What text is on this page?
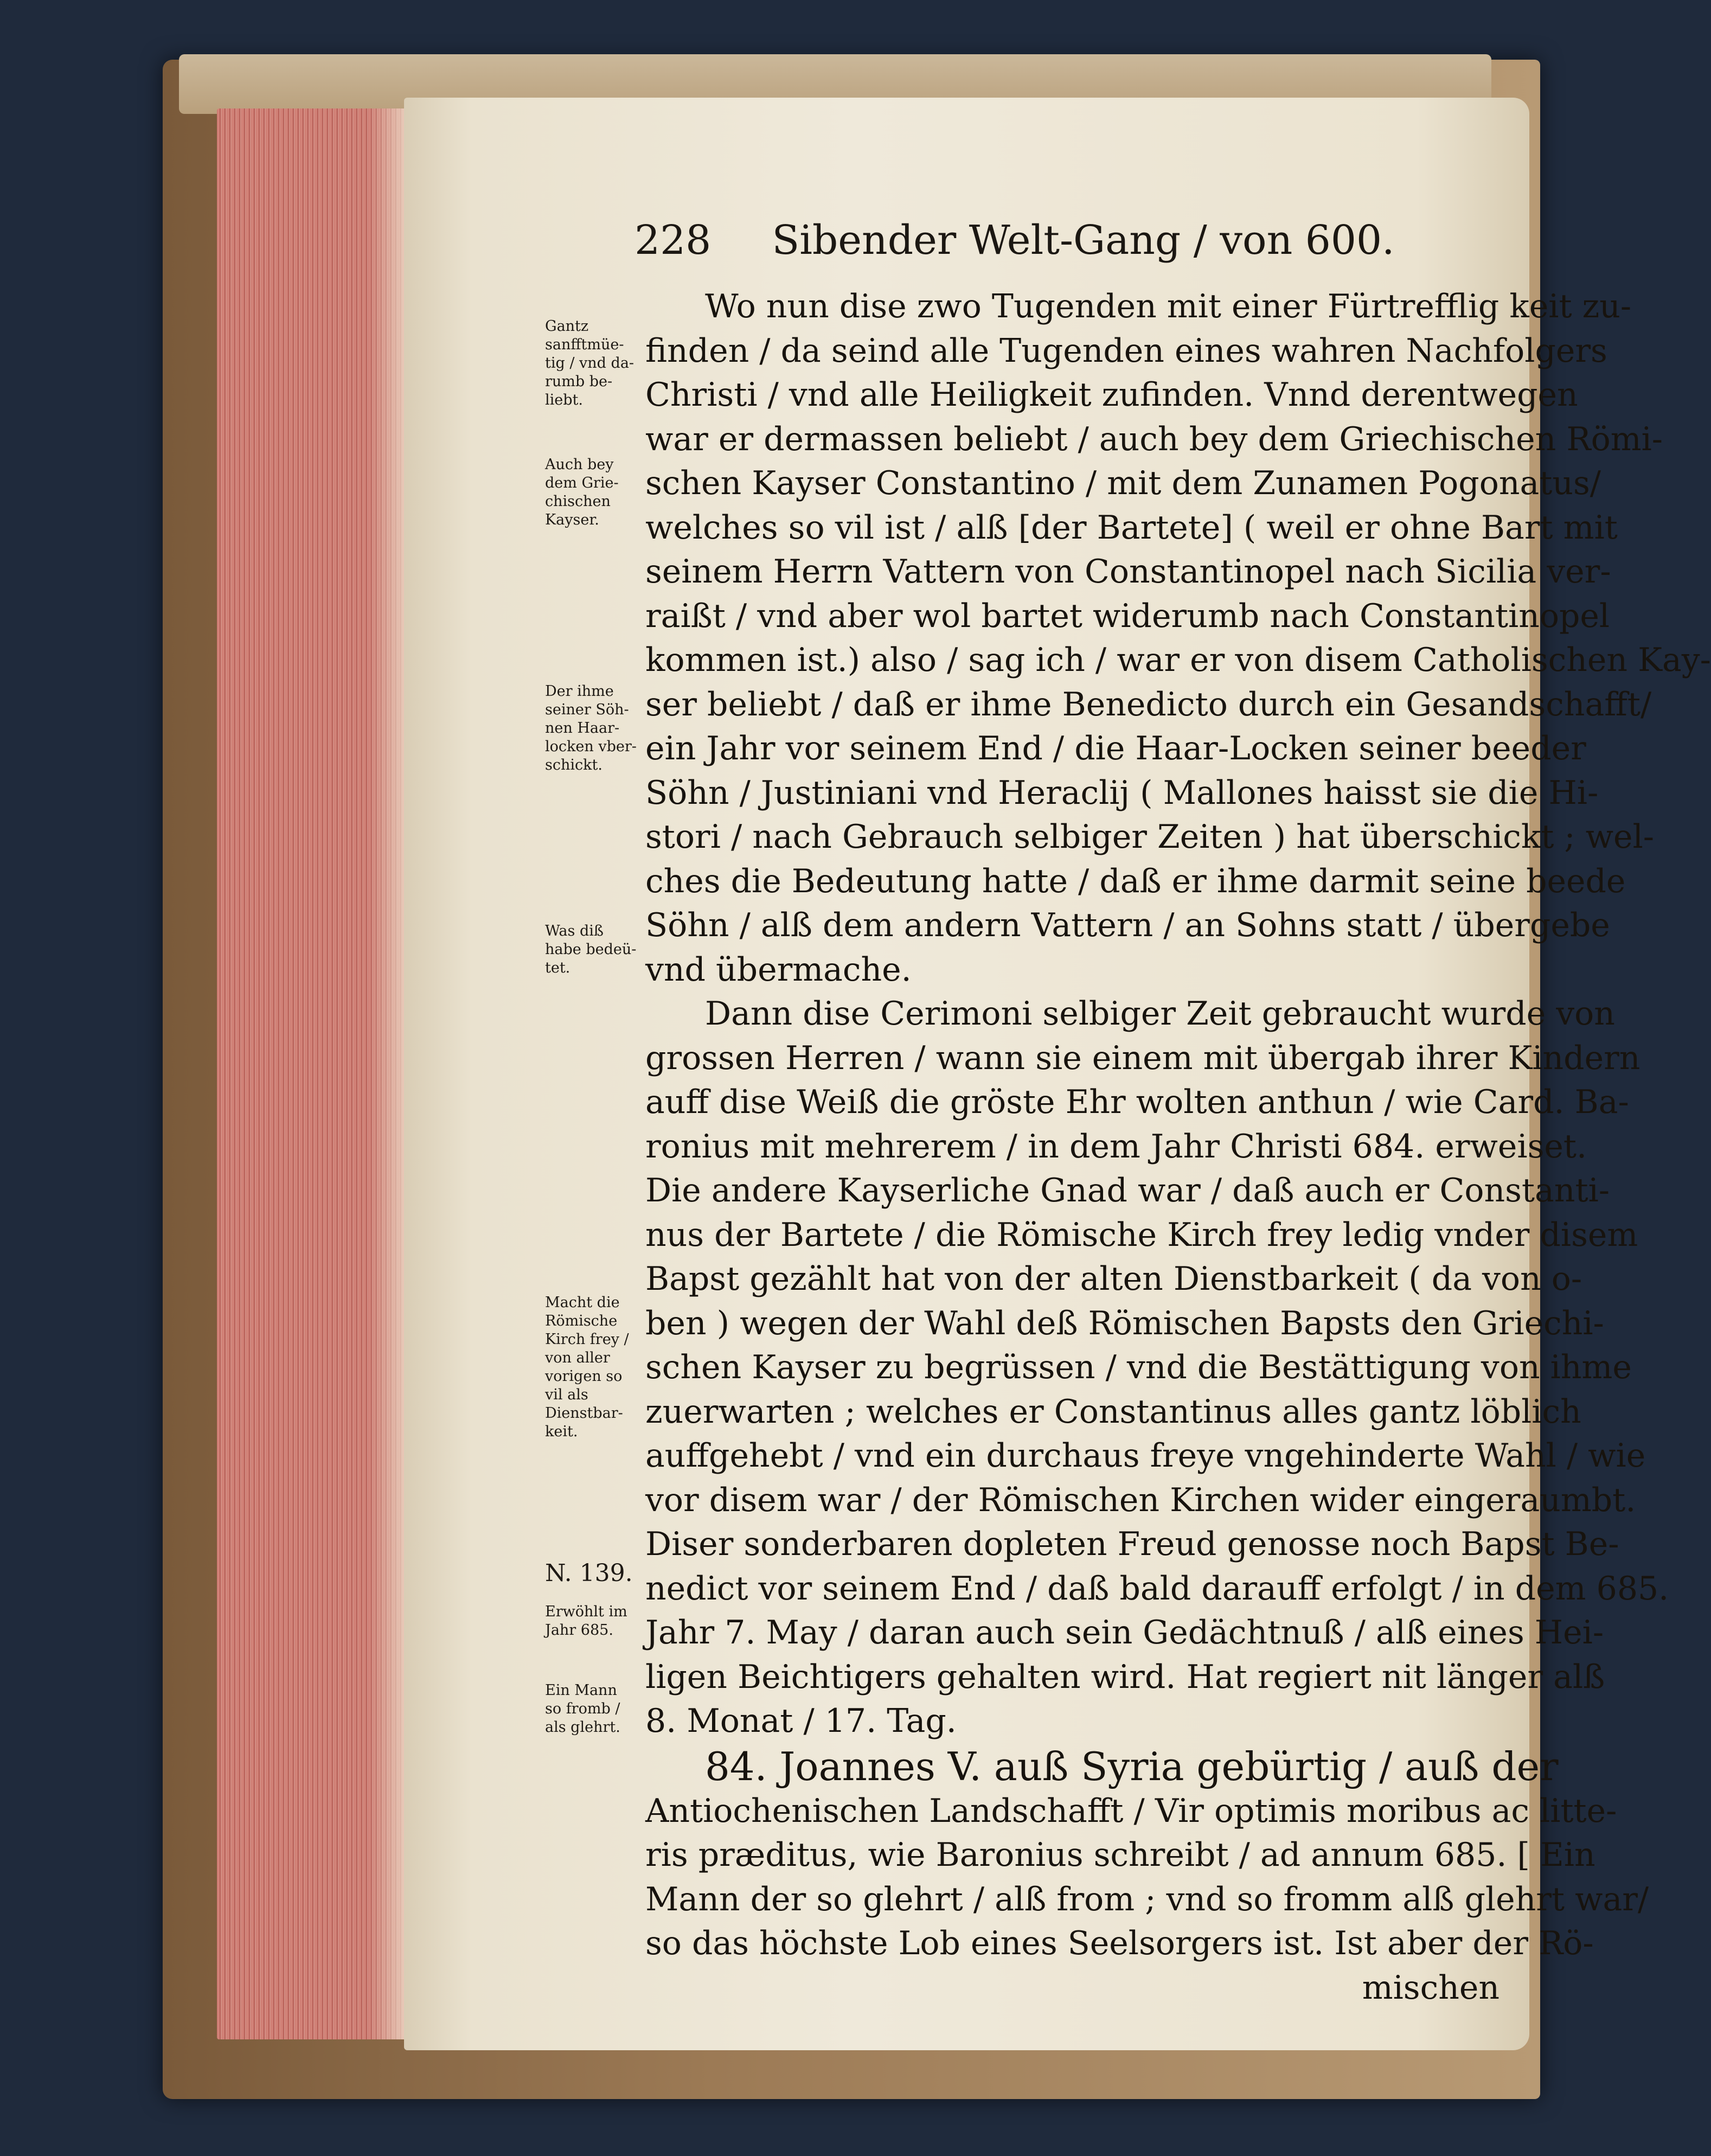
228 Sibender Welt-Gang / von 600.
Wo nun dise zwo Tugenden mit einer Fürtrefflig keit zu-
finden / da seind alle Tugenden eines wahren Nachfolgers
Christi / vnd alle Heiligkeit zufinden. Vnnd derentwegen
war er dermassen beliebt / auch bey dem Griechischen Römi-
schen Kayser Constantino / mit dem Zunamen Pogonatus/
welches so vil ist / alß [der Bartete] ( weil er ohne Bart mit
seinem Herrn Vattern von Constantinopel nach Sicilia ver-
raißt / vnd aber wol bartet widerumb nach Constantinopel
kommen ist.) also / sag ich / war er von disem Catholischen Kay-
ser beliebt / daß er ihme Benedicto durch ein Gesandschafft/
ein Jahr vor seinem End / die Haar-Locken seiner beeder
Söhn / Justiniani vnd Heraclij ( Mallones haisst sie die Hi-
stori / nach Gebrauch selbiger Zeiten ) hat überschickt ; wel-
ches die Bedeutung hatte / daß er ihme darmit seine beede
Söhn / alß dem andern Vattern / an Sohns statt / übergebe
vnd übermache.
Dann dise Cerimoni selbiger Zeit gebraucht wurde von
grossen Herren / wann sie einem mit übergab ihrer Kindern
auff dise Weiß die gröste Ehr wolten anthun / wie Card. Ba-
ronius mit mehrerem / in dem Jahr Christi 684. erweiset.
Die andere Kayserliche Gnad war / daß auch er Constanti-
nus der Bartete / die Römische Kirch frey ledig vnder disem
Bapst gezählt hat von der alten Dienstbarkeit ( da von o-
ben ) wegen der Wahl deß Römischen Bapsts den Griechi-
schen Kayser zu begrüssen / vnd die Bestättigung von ihme
zuerwarten ; welches er Constantinus alles gantz löblich
auffgehebt / vnd ein durchaus freye vngehinderte Wahl / wie
vor disem war / der Römischen Kirchen wider eingeraumbt.
Diser sonderbaren dopleten Freud genosse noch Bapst Be-
nedict vor seinem End / daß bald darauff erfolgt / in dem 685.
Jahr 7. May / daran auch sein Gedächtnuß / alß eines Hei-
ligen Beichtigers gehalten wird. Hat regiert nit länger alß
8. Monat / 17. Tag.
84. Joannes V. auß Syria gebürtig / auß der
Antiochenischen Landschafft / Vir optimis moribus ac litte-
ris præditus, wie Baronius schreibt / ad annum 685. [ Ein
Mann der so glehrt / alß from ; vnd so fromm alß glehrt war/
so das höchste Lob eines Seelsorgers ist. Ist aber der Rö-
mischen
Gantz
sanfftmüe-
tig / vnd da-
rumb be-
liebt.
Auch bey
dem Grie-
chischen
Kayser.
Der ihme
seiner Söh-
nen Haar-
locken vber-
schickt.
Was diß
habe bedeü-
tet.
Macht die
Römische
Kirch frey /
von aller
vorigen so
vil als
Dienstbar-
keit.
N. 139.
Erwöhlt im
Jahr 685.
Ein Mann
so fromb /
als glehrt.
